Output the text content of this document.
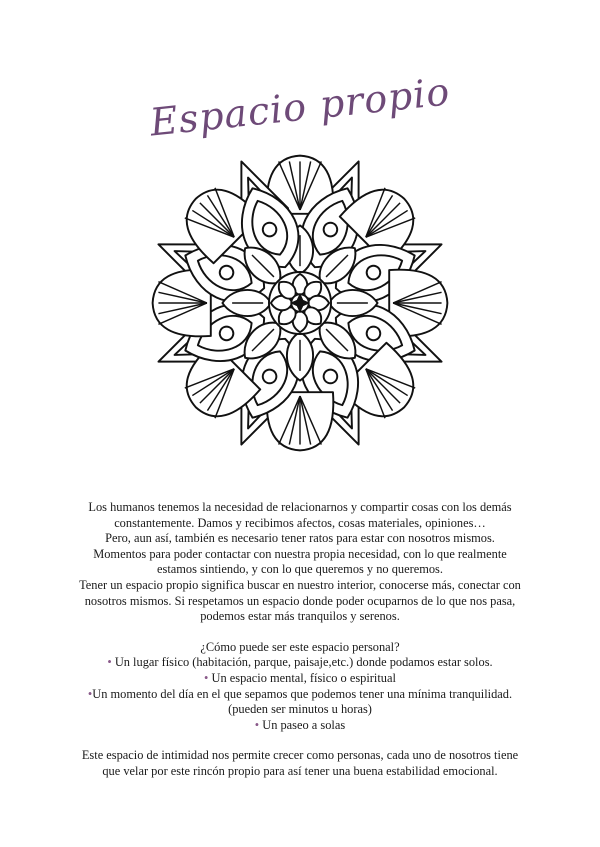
Espacio propio

Los humanos tenemos la necesidad de relacionarnos y compartir cosas con los demás constantemente. Damos y recibimos afectos, cosas materiales, opiniones…

Pero, aun así, también es necesario tener ratos para estar con nosotros mismos.

Momentos para poder contactar con nuestra propia necesidad, con lo que realmente estamos sintiendo, y con lo que queremos y no queremos.

Tener un espacio propio significa buscar en nuestro interior, conocerse más, conectar con nosotros mismos. Si respetamos un espacio donde poder ocuparnos de lo que nos pasa, podemos estar más tranquilos y serenos.

¿Cómo puede ser este espacio personal?

• Un lugar físico (habitación, parque, paisaje,etc.) donde podamos estar solos.

• Un espacio mental, físico o espiritual

•Un momento del día en el que sepamos que podemos tener una mínima tranquilidad. (pueden ser minutos u horas)

• Un paseo a solas

Este espacio de intimidad nos permite crecer como personas, cada uno de nosotros tiene que velar por este rincón propio para así tener una buena estabilidad emocional.
